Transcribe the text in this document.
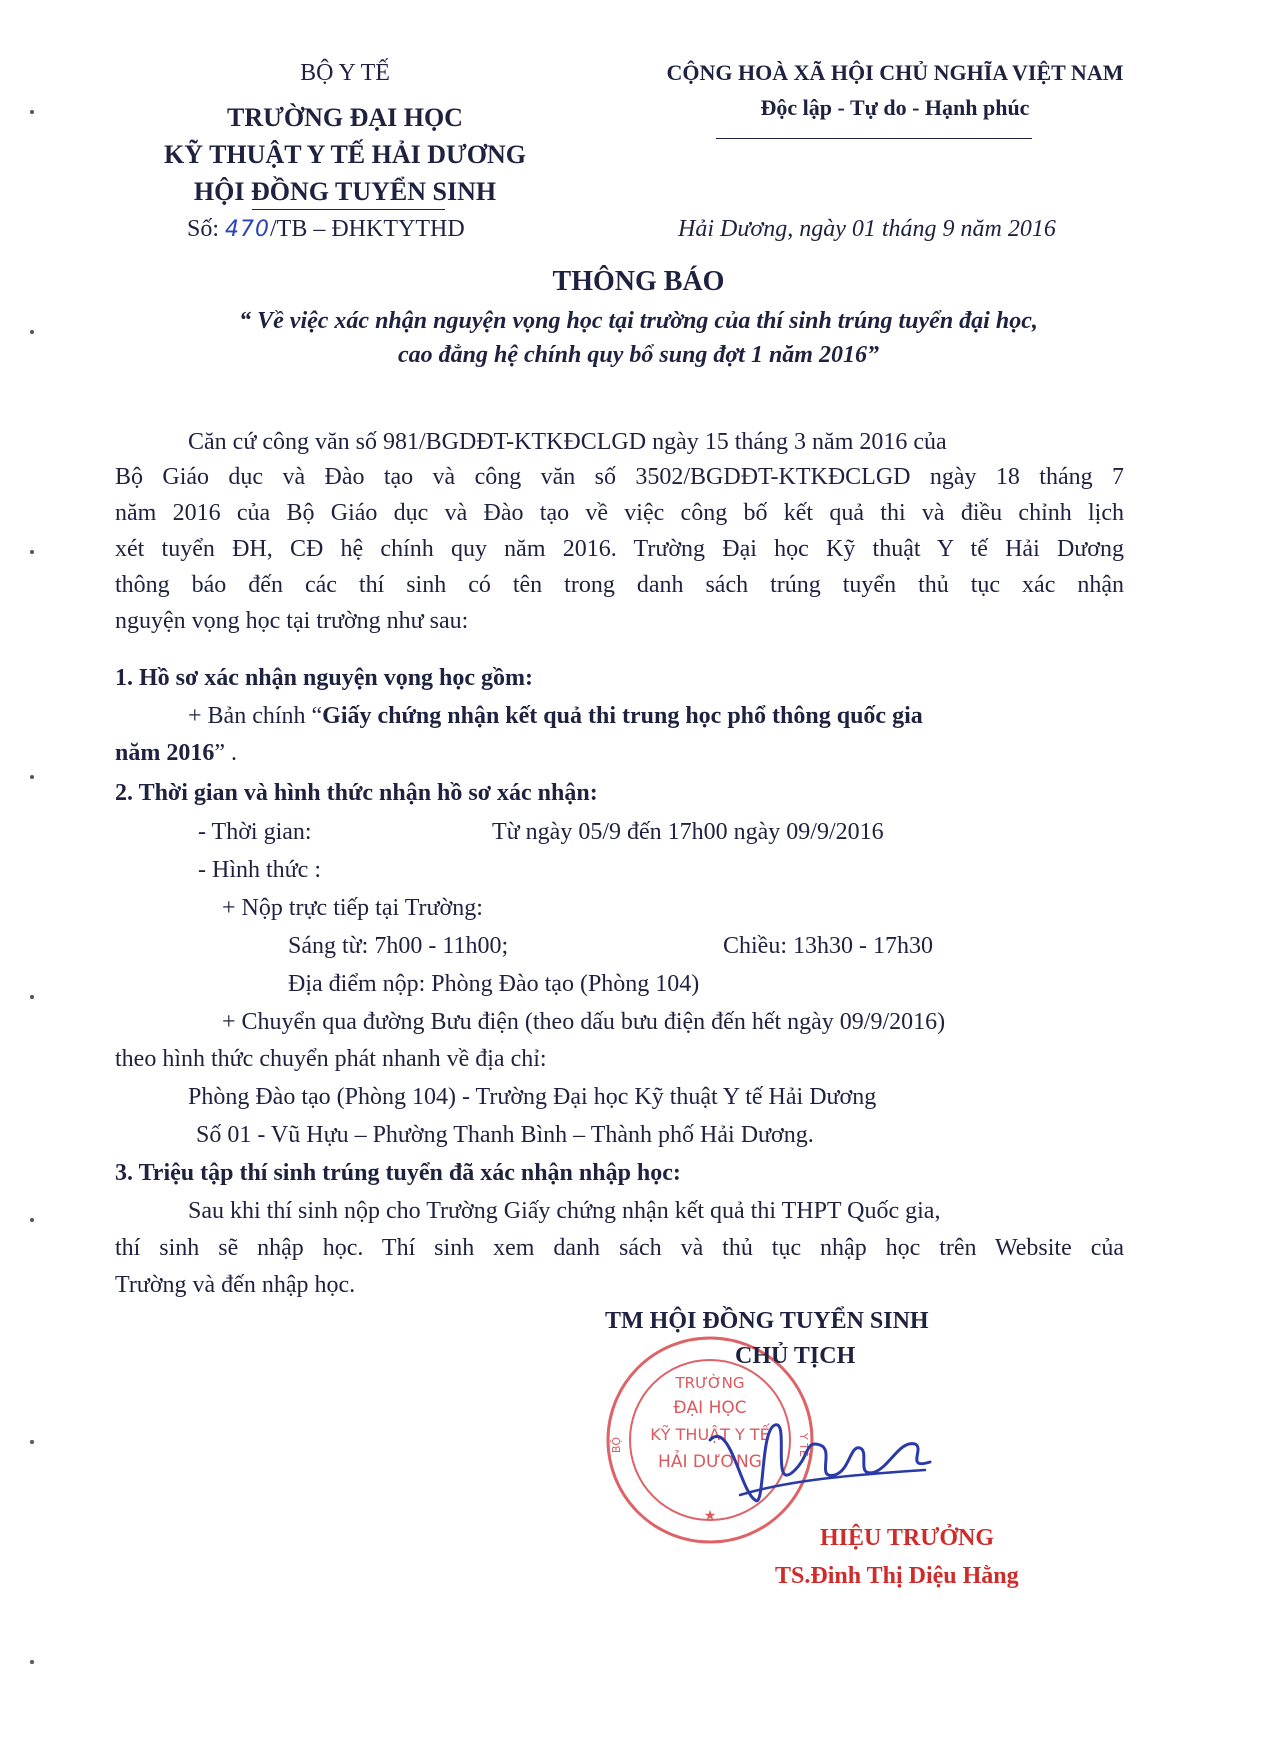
BỘ Y TẾ
TRƯỜNG ĐẠI HỌC
KỸ THUẬT Y TẾ HẢI DƯƠNG
HỘI ĐỒNG TUYỂN SINH
Số: 470/TB – ĐHKTYTHD
CỘNG HOÀ XÃ HỘI CHỦ NGHĨA VIỆT NAM
Độc lập - Tự do - Hạnh phúc
Hải Dương, ngày 01 tháng 9 năm 2016
THÔNG BÁO
“ Về việc xác nhận nguyện vọng học tại trường của thí sinh trúng tuyển đại học,
cao đẳng hệ chính quy bổ sung đợt 1 năm 2016”
Căn cứ công văn số 981/BGDĐT-KTKĐCLGD ngày 15 tháng 3 năm 2016 của
Bộ Giáo dục và Đào tạo và công văn số 3502/BGDĐT-KTKĐCLGD ngày 18 tháng 7
năm 2016 của Bộ Giáo dục và Đào tạo về việc công bố kết quả thi và điều chỉnh lịch
xét tuyển ĐH, CĐ hệ chính quy năm 2016. Trường Đại học Kỹ thuật Y tế Hải Dương
thông báo đến các thí sinh có tên trong danh sách trúng tuyển thủ tục xác nhận
nguyện vọng học tại trường như sau:
1. Hồ sơ xác nhận nguyện vọng học gồm:
+ Bản chính “Giấy chứng nhận kết quả thi trung học phổ thông quốc gia
năm 2016” .
2. Thời gian và hình thức nhận hồ sơ xác nhận:
- Thời gian:	Từ ngày 05/9 đến 17h00 ngày 09/9/2016
- Hình thức :
+ Nộp trực tiếp tại Trường:
Sáng từ: 7h00 - 11h00;	Chiều: 13h30 - 17h30
Địa điểm nộp: Phòng Đào tạo (Phòng 104)
+ Chuyển qua đường Bưu điện (theo dấu bưu điện đến hết ngày 09/9/2016)
theo hình thức chuyển phát nhanh về địa chỉ:
Phòng Đào tạo (Phòng 104) - Trường Đại học Kỹ thuật Y tế Hải Dương
Số 01 - Vũ Hựu – Phường Thanh Bình – Thành phố Hải Dương.
3. Triệu tập thí sinh trúng tuyển đã xác nhận nhập học:
Sau khi thí sinh nộp cho Trường Giấy chứng nhận kết quả thi THPT Quốc gia,
thí sinh sẽ nhập học. Thí sinh xem danh sách và thủ tục nhập học trên Website của
Trường và đến nhập học.
TRƯỜNG
ĐẠI HỌC
KỸ THUẬT Y TẾ
HẢI DƯƠNG
BỘ	Y TẾ
★
TM HỘI ĐỒNG TUYỂN SINH
CHỦ TỊCH
HIỆU TRƯỞNG
TS.Đinh Thị Diệu Hằng
